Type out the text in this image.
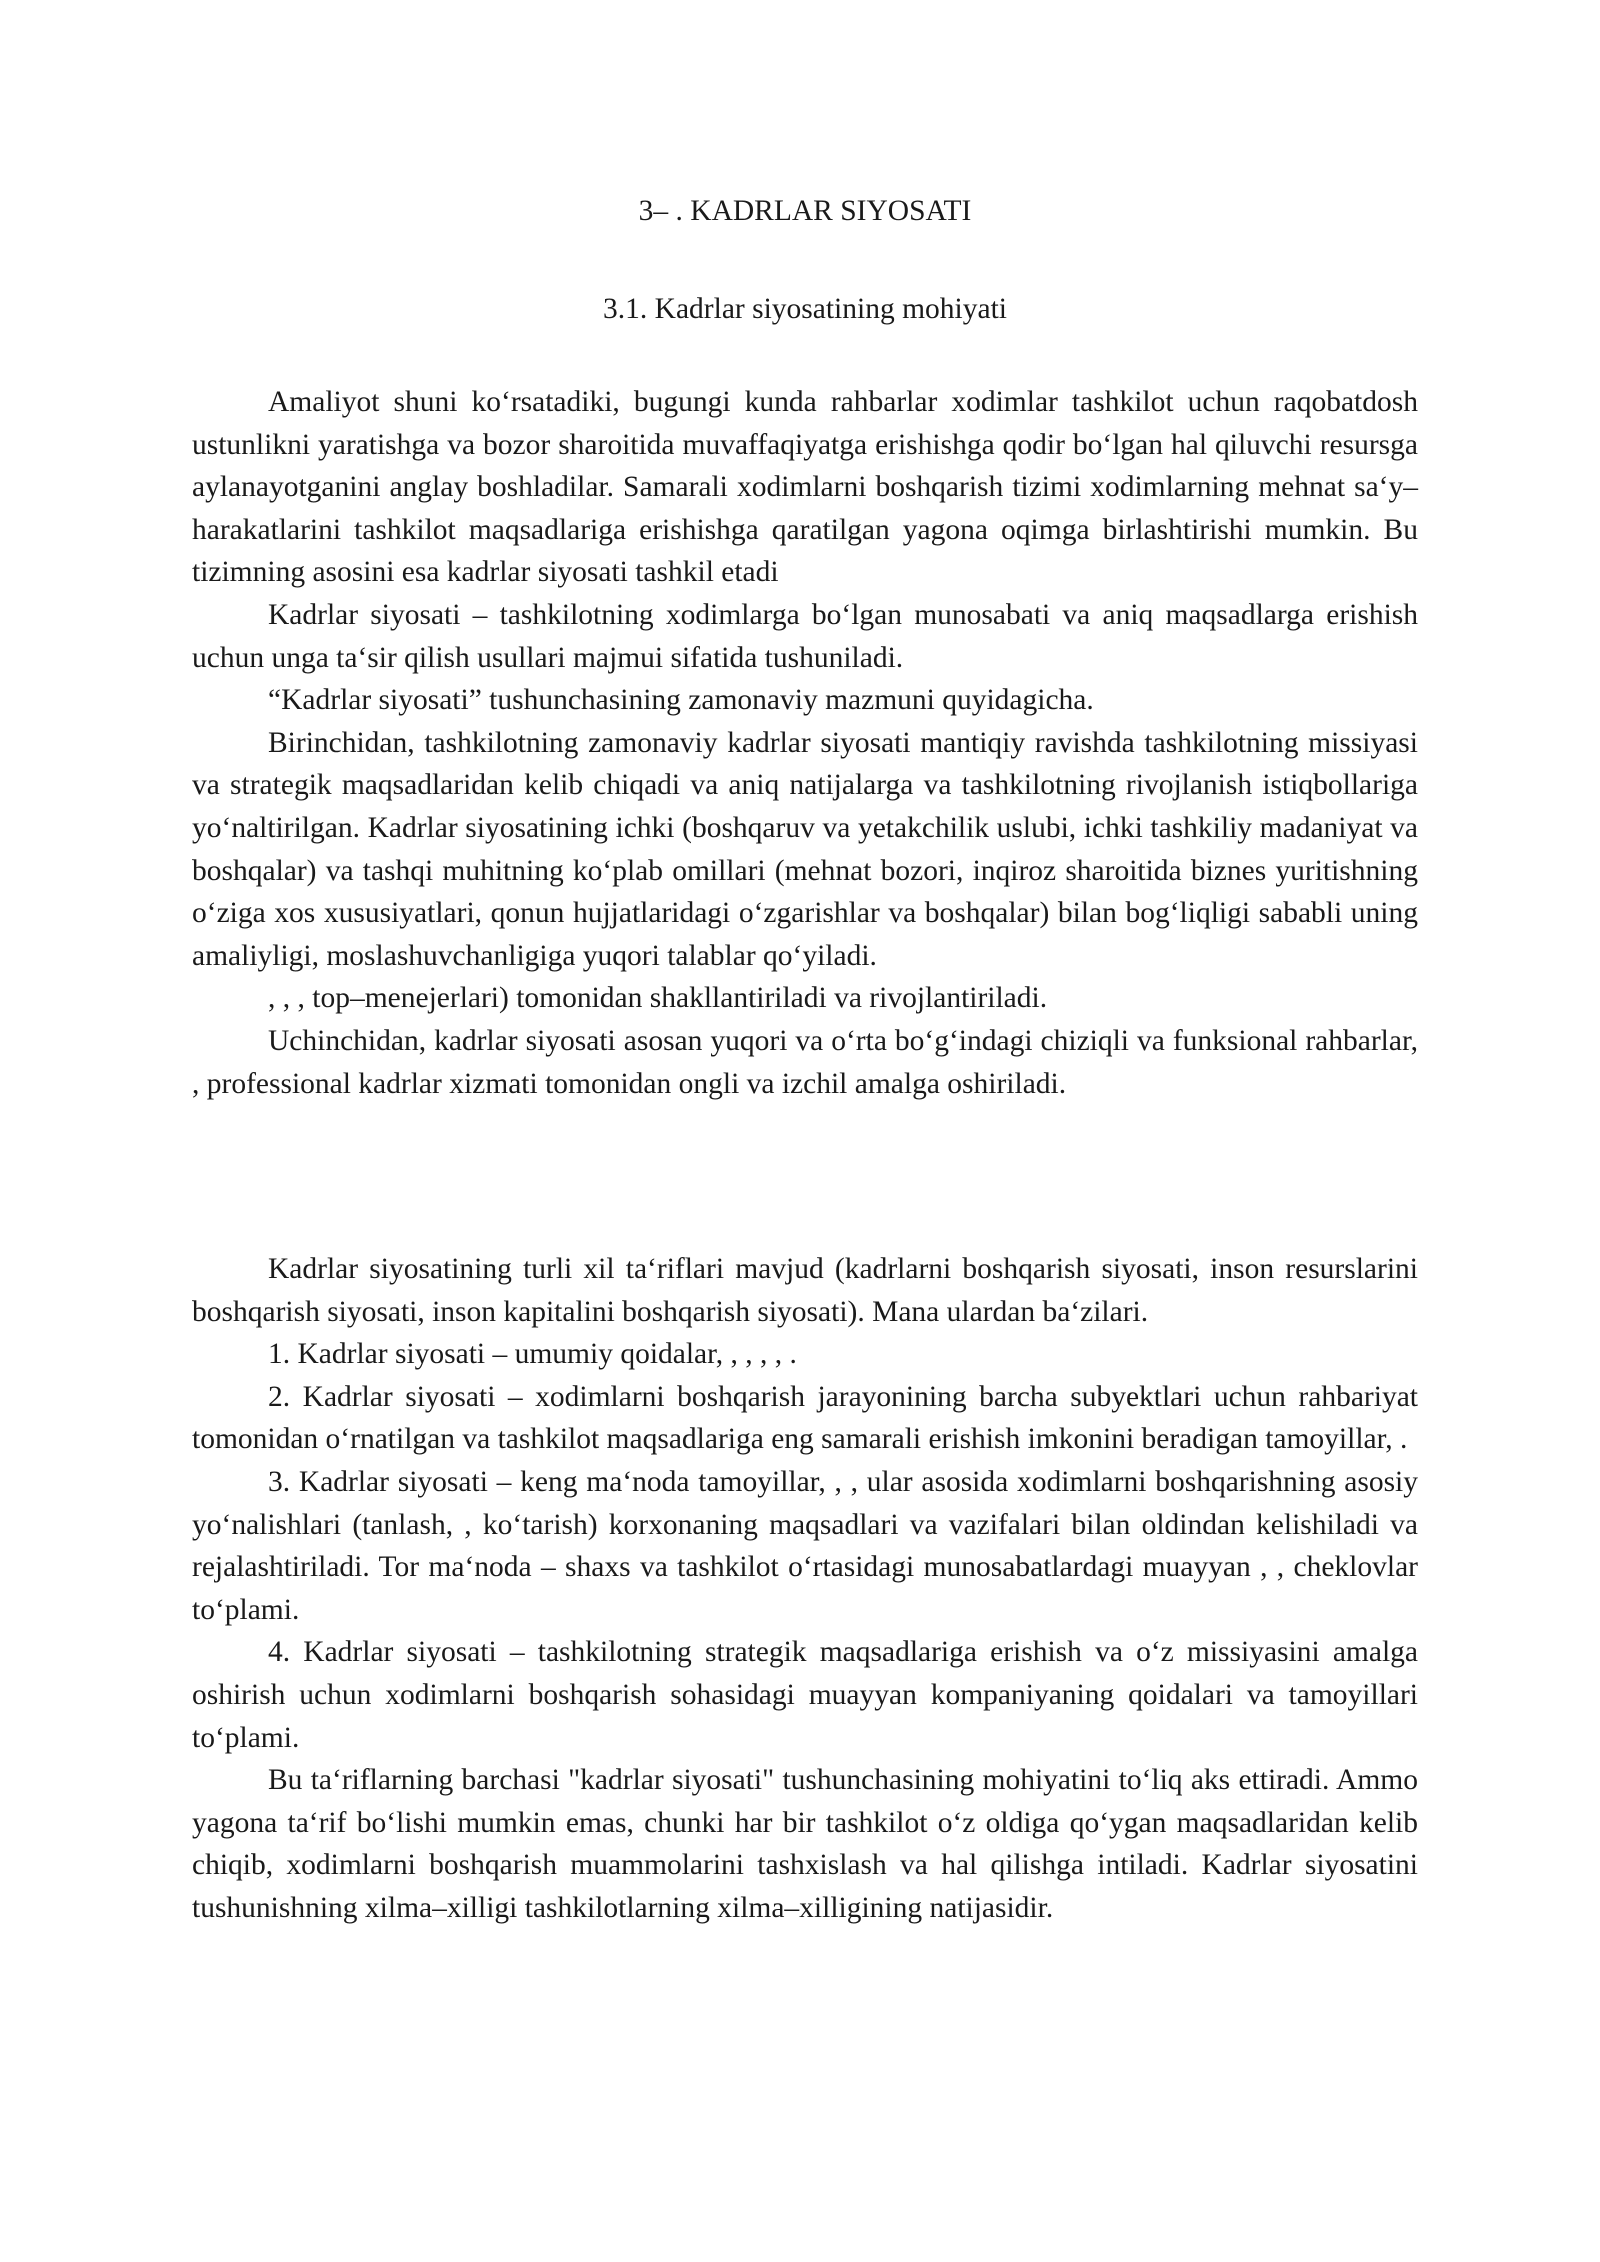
3– . KADRLAR SIYOSATI
3.1. Kadrlar siyosatining mohiyati

Amaliyot shuni ko‘rsatadiki, bugungi kunda rahbarlar xodimlar tashkilot uchun raqobatdosh ustunlikni yaratishga va bozor sharoitida muvaffaqiyatga erishishga qodir bo‘lgan hal qiluvchi resursga aylanayotganini anglay boshladilar. Samarali xodimlarni boshqarish tizimi xodimlarning mehnat sa‘y–harakatlarini tashkilot maqsadlariga erishishga qaratilgan yagona oqimga birlashtirishi mumkin. Bu tizimning asosini esa kadrlar siyosati tashkil etadi

Kadrlar siyosati – tashkilotning xodimlarga bo‘lgan munosabati va aniq maqsadlarga erishish uchun unga ta‘sir qilish usullari majmui sifatida tushuniladi.

“Kadrlar siyosati” tushunchasining zamonaviy mazmuni quyidagicha.

Birinchidan, tashkilotning zamonaviy kadrlar siyosati mantiqiy ravishda tashkilotning missiyasi va strategik maqsadlaridan kelib chiqadi va aniq natijalarga va tashkilotning rivojlanish istiqbollariga yo‘naltirilgan. Kadrlar siyosatining ichki (boshqaruv va yetakchilik uslubi, ichki tashkiliy madaniyat va boshqalar) va tashqi muhitning ko‘plab omillari (mehnat bozori, inqiroz sharoitida biznes yuritishning o‘ziga xos xususiyatlari, qonun hujjatlaridagi o‘zgarishlar va boshqalar) bilan bog‘liqligi sababli uning amaliyligi, moslashuvchanligiga yuqori talablar qo‘yiladi.

, , , top–menejerlari) tomonidan shakllantiriladi va rivojlantiriladi.

Uchinchidan, kadrlar siyosati asosan yuqori va o‘rta bo‘g‘indagi chiziqli va funksional rahbarlar, , professional kadrlar xizmati tomonidan ongli va izchil amalga oshiriladi.

Kadrlar siyosatining turli xil ta‘riflari mavjud (kadrlarni boshqarish siyosati, inson resurslarini boshqarish siyosati, inson kapitalini boshqarish siyosati). Mana ulardan ba‘zilari.

1. Kadrlar siyosati – umumiy qoidalar, , , , , .

2. Kadrlar siyosati – xodimlarni boshqarish jarayonining barcha subyektlari uchun rahbariyat tomonidan o‘rnatilgan va tashkilot maqsadlariga eng samarali erishish imkonini beradigan tamoyillar, .

3. Kadrlar siyosati – keng ma‘noda tamoyillar, , , ular asosida xodimlarni boshqarishning asosiy yo‘nalishlari (tanlash, , ko‘tarish) korxonaning maqsadlari va vazifalari bilan oldindan kelishiladi va rejalashtiriladi. Tor ma‘noda – shaxs va tashkilot o‘rtasidagi munosabatlardagi muayyan , , cheklovlar to‘plami.

4. Kadrlar siyosati – tashkilotning strategik maqsadlariga erishish va o‘z missiyasini amalga oshirish uchun xodimlarni boshqarish sohasidagi muayyan kompaniyaning qoidalari va tamoyillari to‘plami.

Bu ta‘riflarning barchasi "kadrlar siyosati" tushunchasining mohiyatini to‘liq aks ettiradi. Ammo yagona ta‘rif bo‘lishi mumkin emas, chunki har bir tashkilot o‘z oldiga qo‘ygan maqsadlaridan kelib chiqib, xodimlarni boshqarish muammolarini tashxislash va hal qilishga intiladi. Kadrlar siyosatini tushunishning xilma–xilligi tashkilotlarning xilma–xilligining natijasidir.
